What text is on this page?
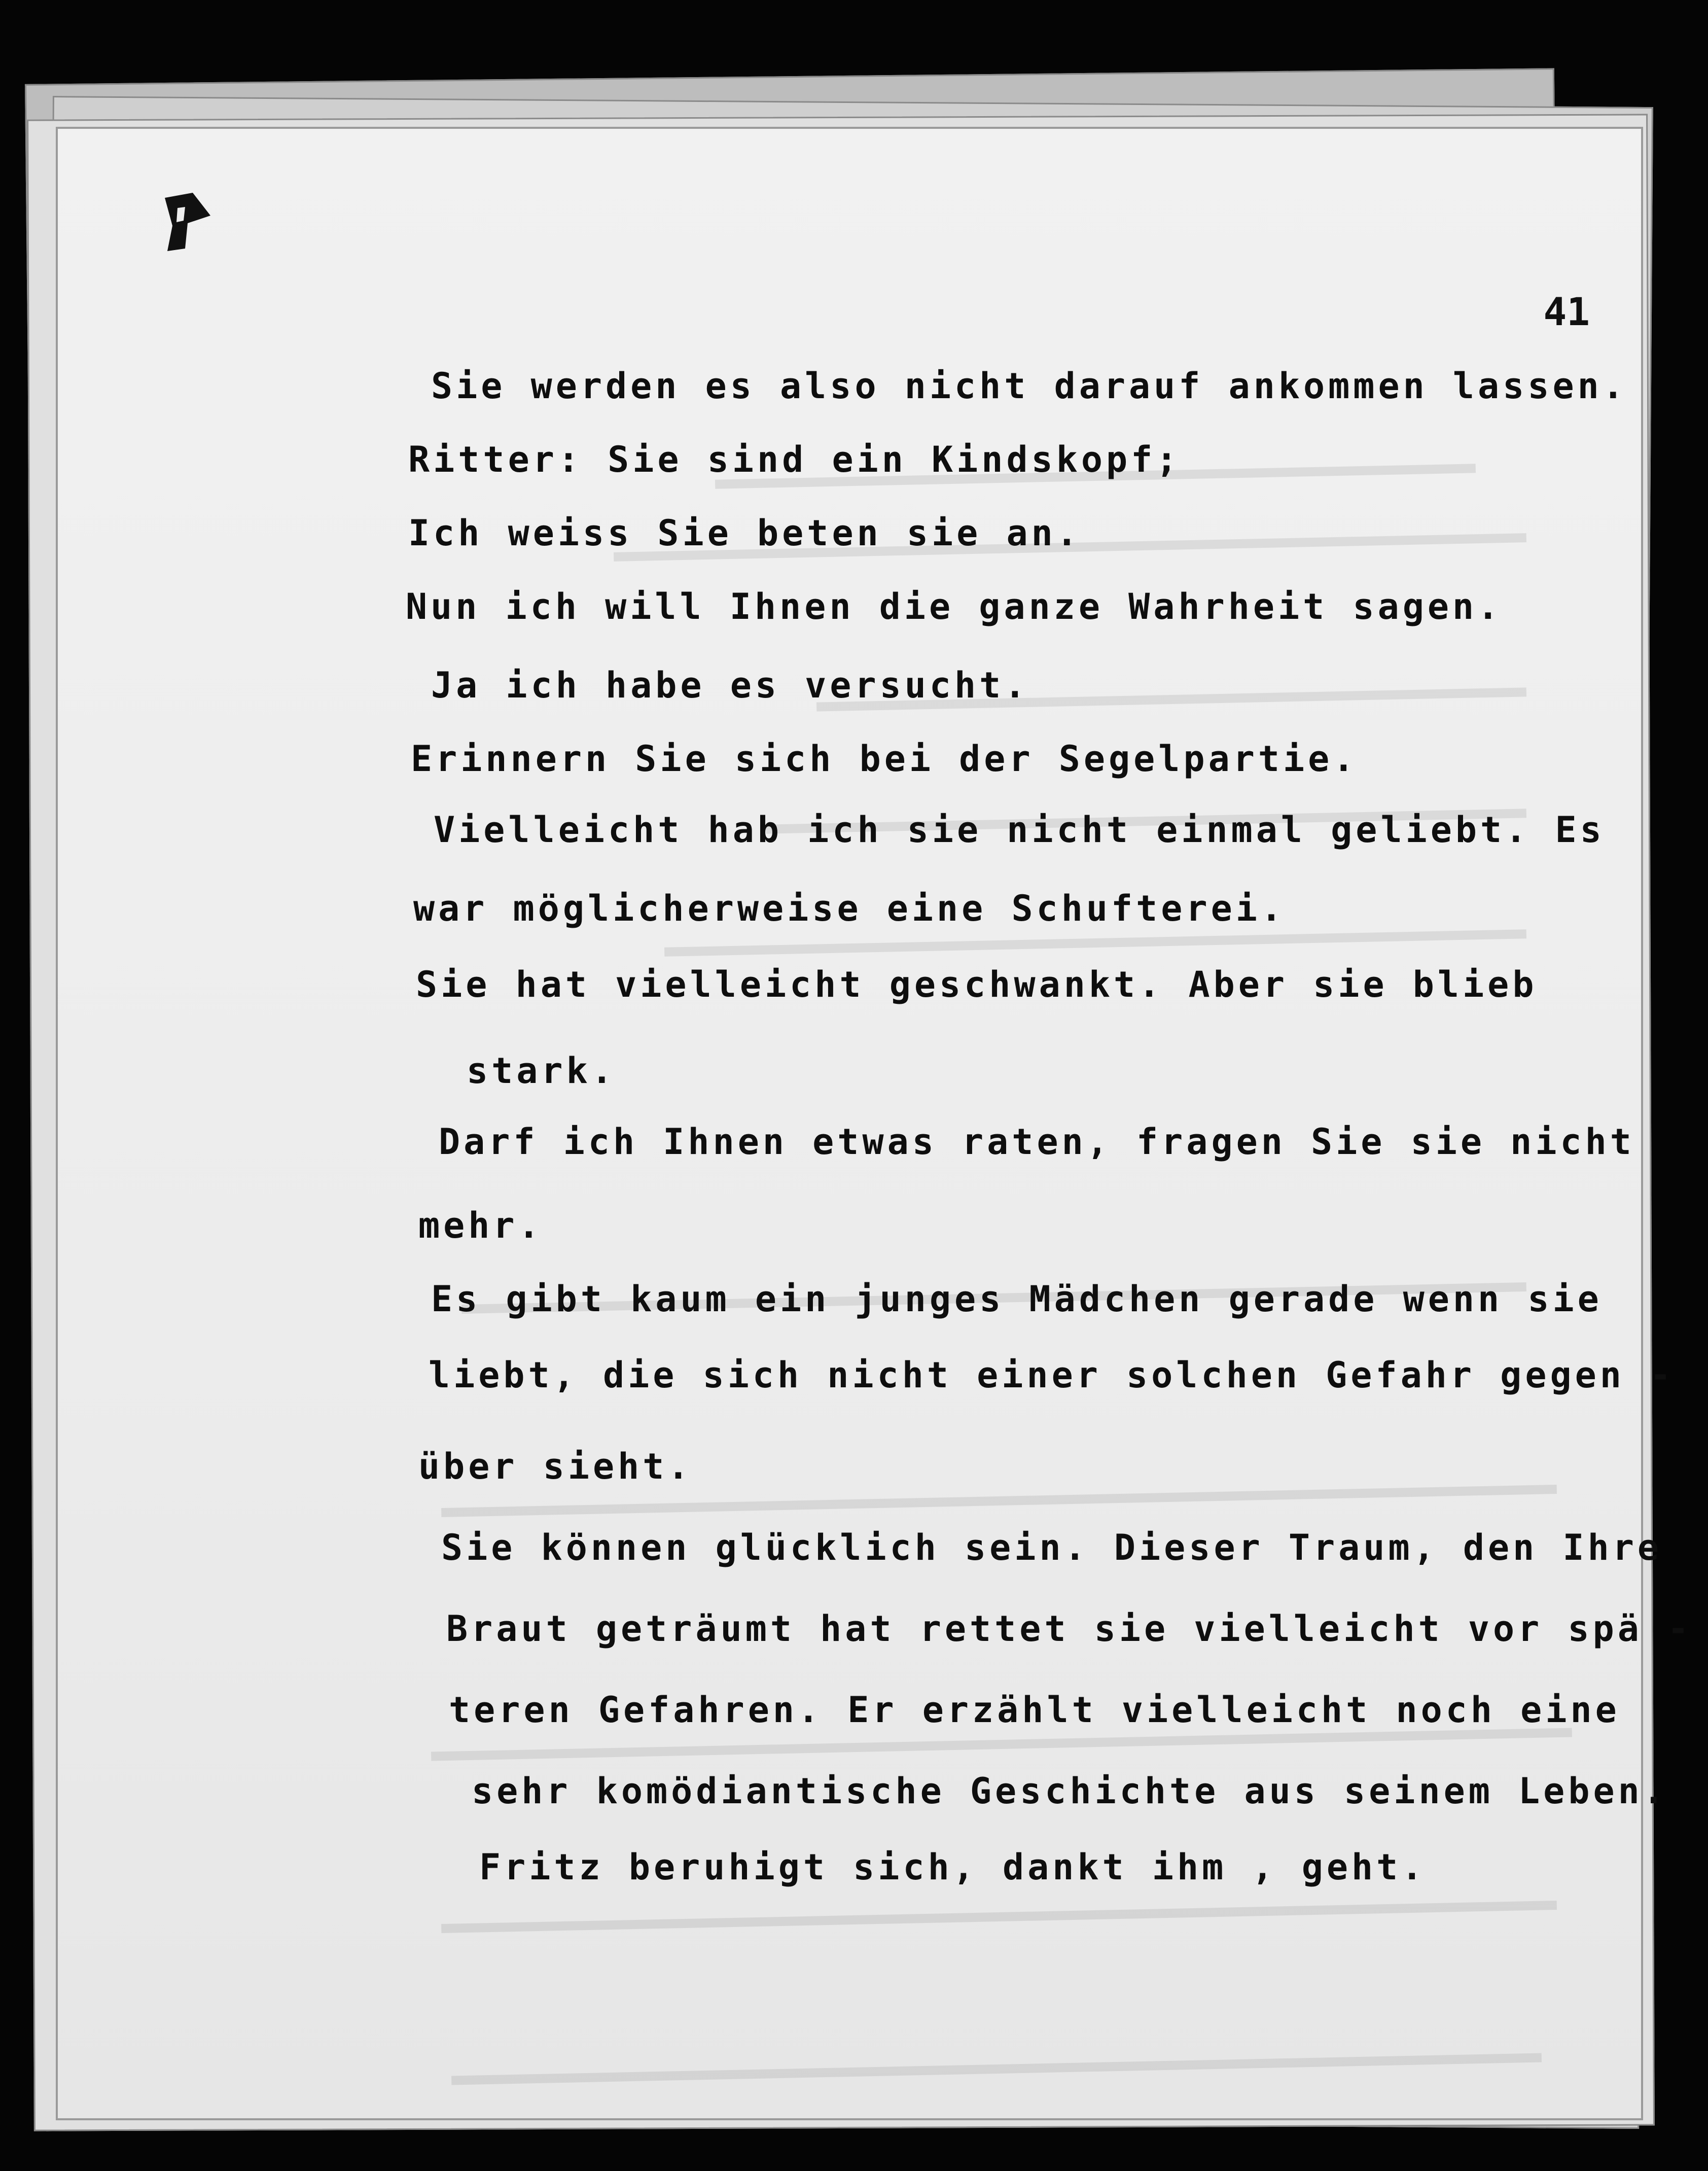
41
Sie werden es also nicht darauf ankommen lassen.
Ritter: Sie sind ein Kindskopf;
Ich weiss Sie beten sie an.
Nun ich will Ihnen die ganze Wahrheit sagen.
Ja ich habe es versucht.
Erinnern Sie sich bei der Segelpartie.
Vielleicht hab ich sie nicht einmal geliebt. Es
war möglicherweise eine Schufterei.
Sie hat vielleicht geschwankt. Aber sie blieb
stark.
Darf ich Ihnen etwas raten, fragen Sie sie nicht
mehr.
Es gibt kaum ein junges Mädchen gerade wenn sie
liebt, die sich nicht einer solchen Gefahr gegen -
über sieht.
Sie können glücklich sein. Dieser Traum, den Ihre
Braut geträumt hat rettet sie vielleicht vor spä -
teren Gefahren. Er erzählt vielleicht noch eine
sehr komödiantische Geschichte aus seinem Leben.
Fritz beruhigt sich, dankt ihm , geht.
